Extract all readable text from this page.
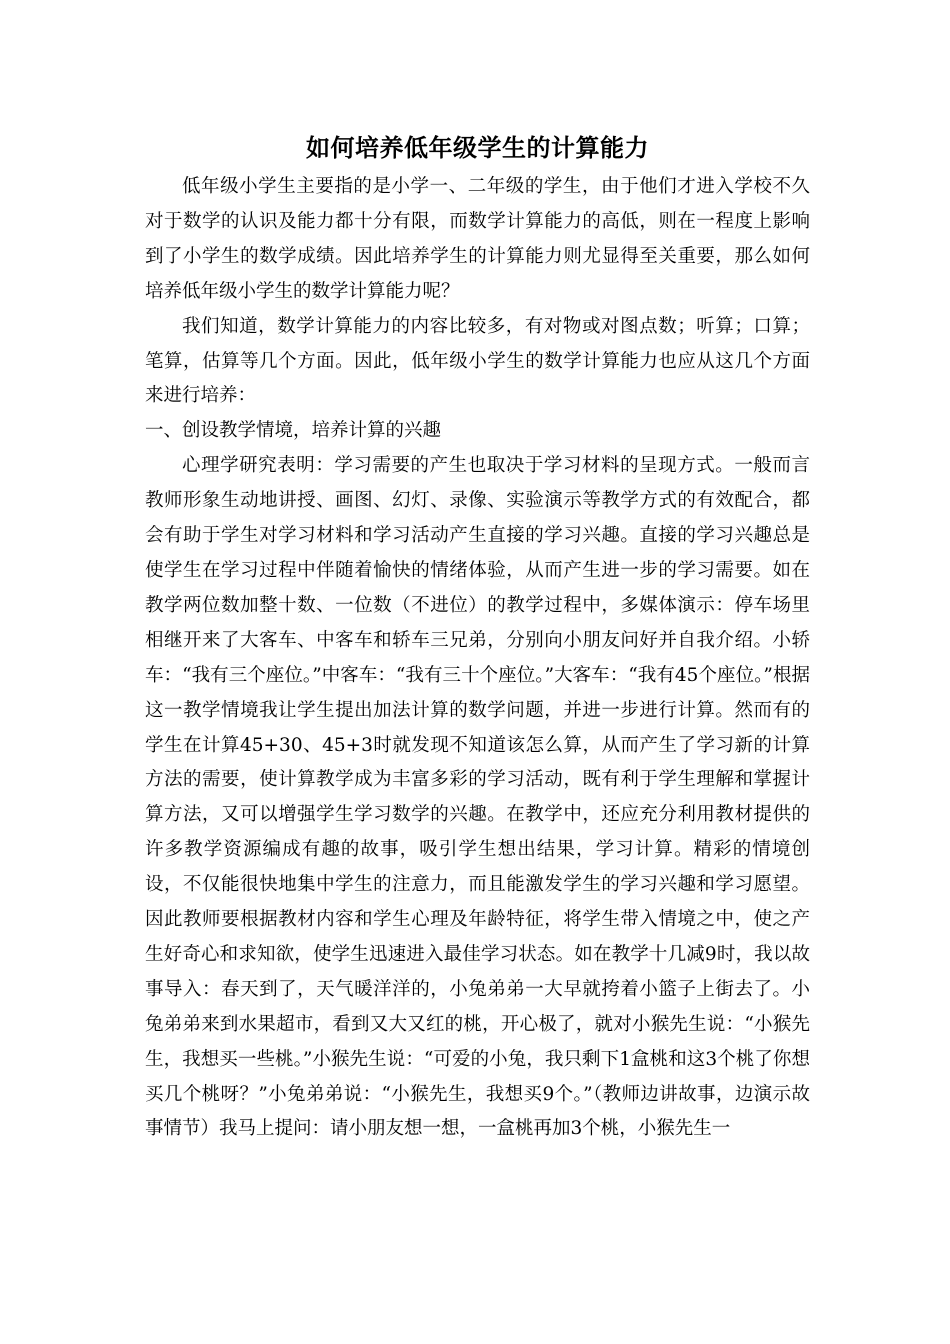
如何培养低年级学生的计算能力

低年级小学生主要指的是小学一、二年级的学生，由于他们才进入学校不久对于数学的认识及能力都十分有限，而数学计算能力的高低，则在一程度上影响到了小学生的数学成绩。因此培养学生的计算能力则尤显得至关重要，那么如何培养低年级小学生的数学计算能力呢？

我们知道，数学计算能力的内容比较多，有对物或对图点数；听算；口算；笔算，估算等几个方面。因此，低年级小学生的数学计算能力也应从这几个方面来进行培养：

一、创设教学情境，培养计算的兴趣

心理学研究表明：学习需要的产生也取决于学习材料的呈现方式。一般而言教师形象生动地讲授、画图、幻灯、录像、实验演示等教学方式的有效配合，都会有助于学生对学习材料和学习活动产生直接的学习兴趣。直接的学习兴趣总是使学生在学习过程中伴随着愉快的情绪体验，从而产生进一步的学习需要。如在教学两位数加整十数、一位数（不进位）的教学过程中，多媒体演示：停车场里相继开来了大客车、中客车和轿车三兄弟，分别向小朋友问好并自我介绍。小轿车：“我有三个座位。”中客车：“我有三十个座位。”大客车：“我有45个座位。”根据这一教学情境我让学生提出加法计算的数学问题，并进一步进行计算。然而有的学生在计算45+30、45+3时就发现不知道该怎么算，从而产生了学习新的计算方法的需要，使计算教学成为丰富多彩的学习活动，既有利于学生理解和掌握计算方法，又可以增强学生学习数学的兴趣。在教学中，还应充分利用教材提供的许多教学资源编成有趣的故事，吸引学生想出结果，学习计算。精彩的情境创设，不仅能很快地集中学生的注意力，而且能激发学生的学习兴趣和学习愿望。因此教师要根据教材内容和学生心理及年龄特征，将学生带入情境之中，使之产生好奇心和求知欲，使学生迅速进入最佳学习状态。如在教学十几减9时，我以故事导入：春天到了，天气暖洋洋的，小兔弟弟一大早就挎着小篮子上街去了。小兔弟弟来到水果超市，看到又大又红的桃，开心极了，就对小猴先生说：“小猴先生，我想买一些桃。”小猴先生说：“可爱的小兔，我只剩下1盒桃和这3个桃了你想买几个桃呀？”小兔弟弟说：“小猴先生，我想买9个。”（教师边讲故事，边演示故事情节）我马上提问：请小朋友想一想，一盒桃再加3个桃，小猴先生一
